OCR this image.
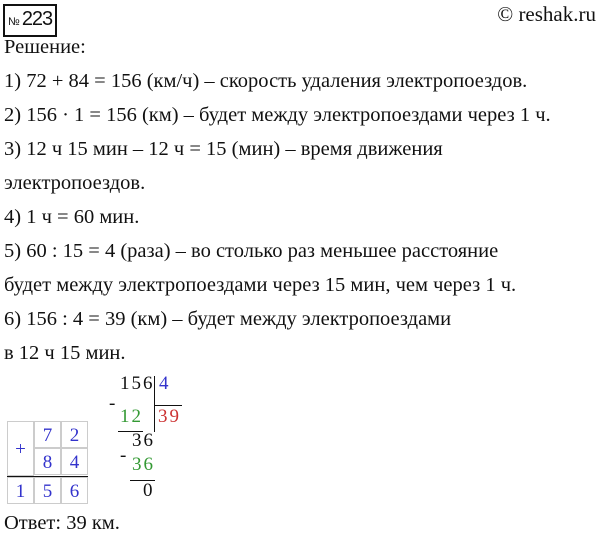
№ 223	© reshak.ru
Решение:
1) 72 + 84 = 156 (км/ч) – скорость удаления электропоездов.
2) 156 · 1 = 156 (км) – будет между электропоездами через 1 ч.
3) 12 ч 15 мин – 12 ч = 15 (мин) – время движения
электропоездов.
4) 1 ч = 60 мин.
5) 60 : 15 = 4 (раза) – во столько раз меньшее расстояние
будет между электропоездами через 15 мин, чем через 1 ч.
6) 156 : 4 = 39 (км) – будет между электропоездами
в 12 ч 15 мин.
+
7 2
8 4
1 5 6
156 4
-
12 39
36
- 36
0
Ответ: 39 км.
